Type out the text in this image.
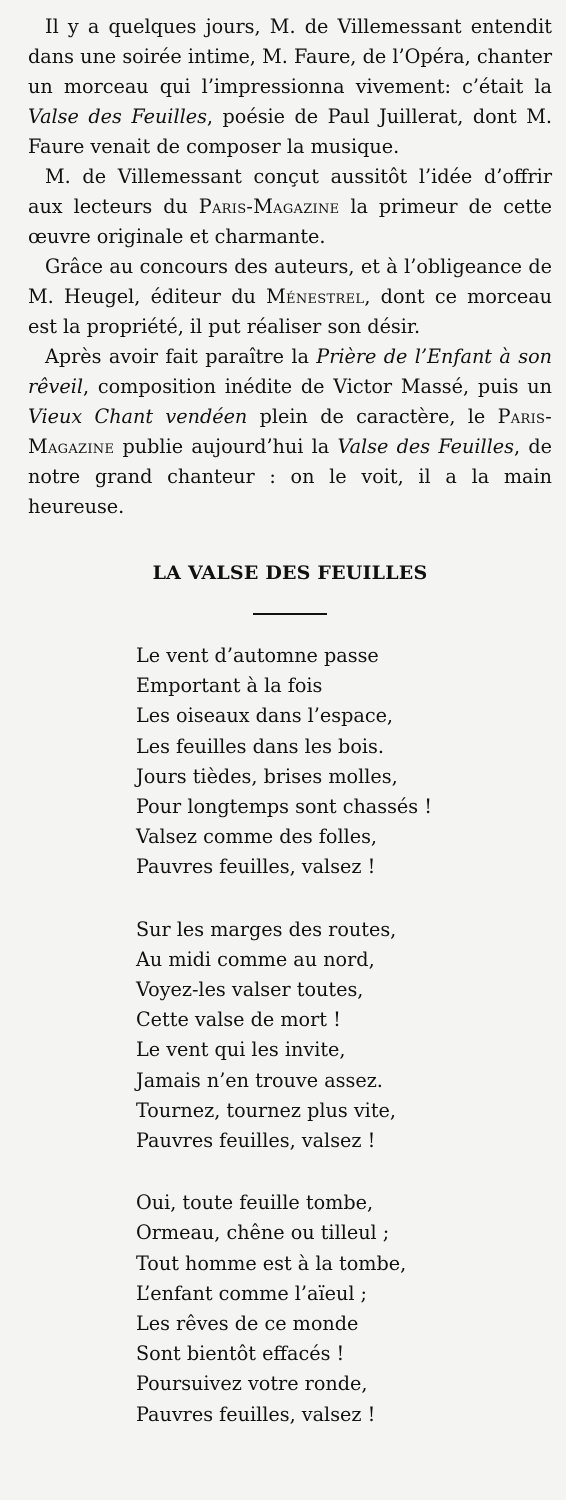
Il y a quelques jours, M. de Villemessant entendit dans une soirée intime, M. Faure, de l’Opéra, chanter un morceau qui l’impressionna vivement: c’était la Valse des Feuilles, poésie de Paul Juillerat, dont M. Faure venait de composer la musique.

M. de Villemessant conçut aussitôt l’idée d’offrir aux lecteurs du Paris-Magazine la primeur de cette œuvre originale et charmante.

Grâce au concours des auteurs, et à l’obligeance de M. Heugel, éditeur du Ménestrel, dont ce morceau est la propriété, il put réaliser son désir.

Après avoir fait paraître la Prière de l’Enfant à son rêveil, composition inédite de Victor Massé, puis un Vieux Chant vendéen plein de caractère, le Paris-Magazine publie aujourd’hui la Valse des Feuilles, de notre grand chanteur : on le voit, il a la main heureuse.

LA VALSE DES FEUILLES
Le vent d’automne passe
Emportant à la fois
Les oiseaux dans l’espace,
Les feuilles dans les bois.
Jours tièdes, brises molles,
Pour longtemps sont chassés !
Valsez comme des folles,
Pauvres feuilles, valsez !
Sur les marges des routes,
Au midi comme au nord,
Voyez-les valser toutes,
Cette valse de mort !
Le vent qui les invite,
Jamais n’en trouve assez.
Tournez, tournez plus vite,
Pauvres feuilles, valsez !
Oui, toute feuille tombe,
Ormeau, chêne ou tilleul ;
Tout homme est à la tombe,
L’enfant comme l’aïeul ;
Les rêves de ce monde
Sont bientôt effacés !
Poursuivez votre ronde,
Pauvres feuilles, valsez !
